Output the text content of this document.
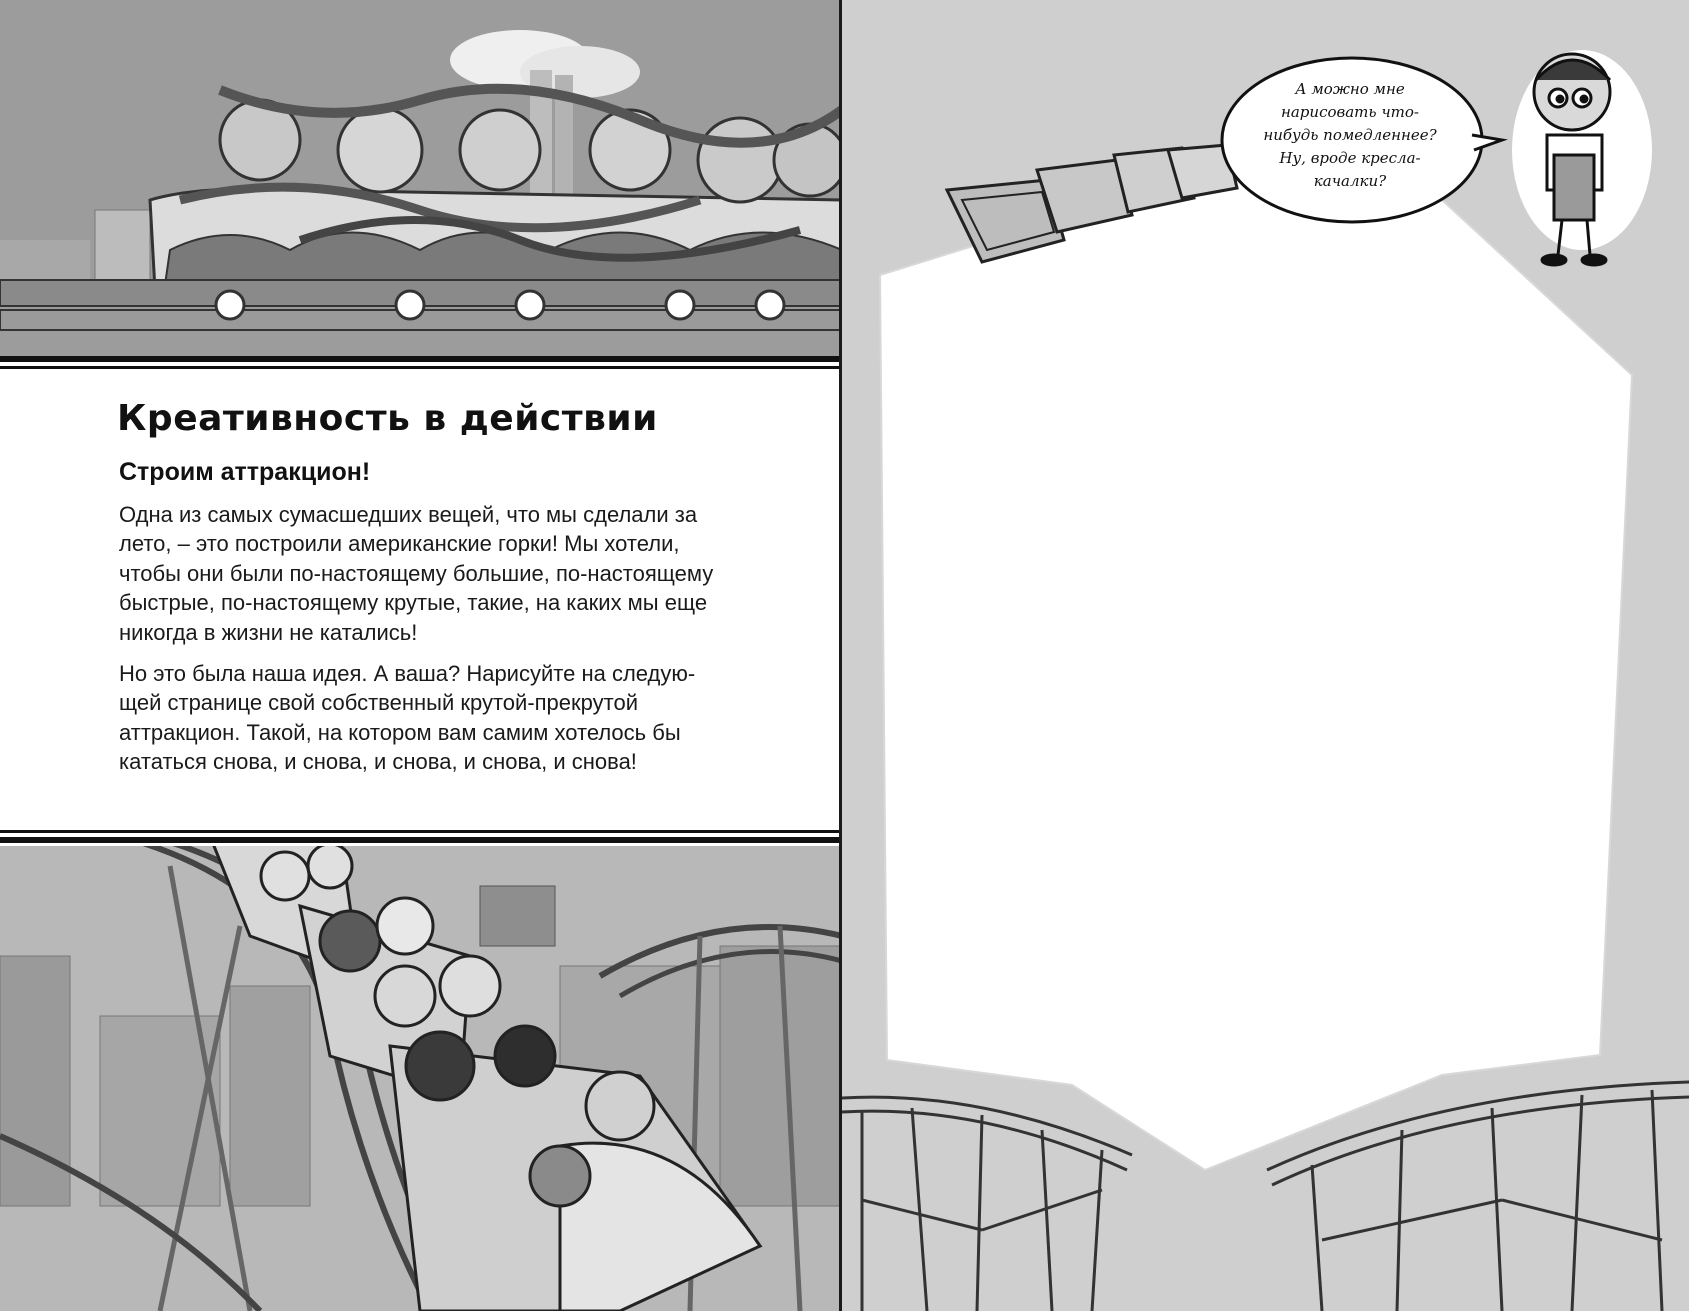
Креативность в действии
Строим аттракцион!

Одна из самых сумасшедших вещей, что мы сделали за
лето, – это построили американские горки! Мы хотели,
чтобы они были по-настоящему большие, по-настоящему
быстрые, по-настоящему крутые, такие, на каких мы еще
никогда в жизни не катались!

Но это была наша идея. А ваша? Нарисуйте на следую-
щей странице свой собственный крутой-прекрутой
аттракцион. Такой, на котором вам самим хотелось бы
кататься снова, и снова, и снова, и снова, и снова!

А можно мне
нарисовать что-
нибудь помедленнее?
Ну, вроде кресла-
качалки?
